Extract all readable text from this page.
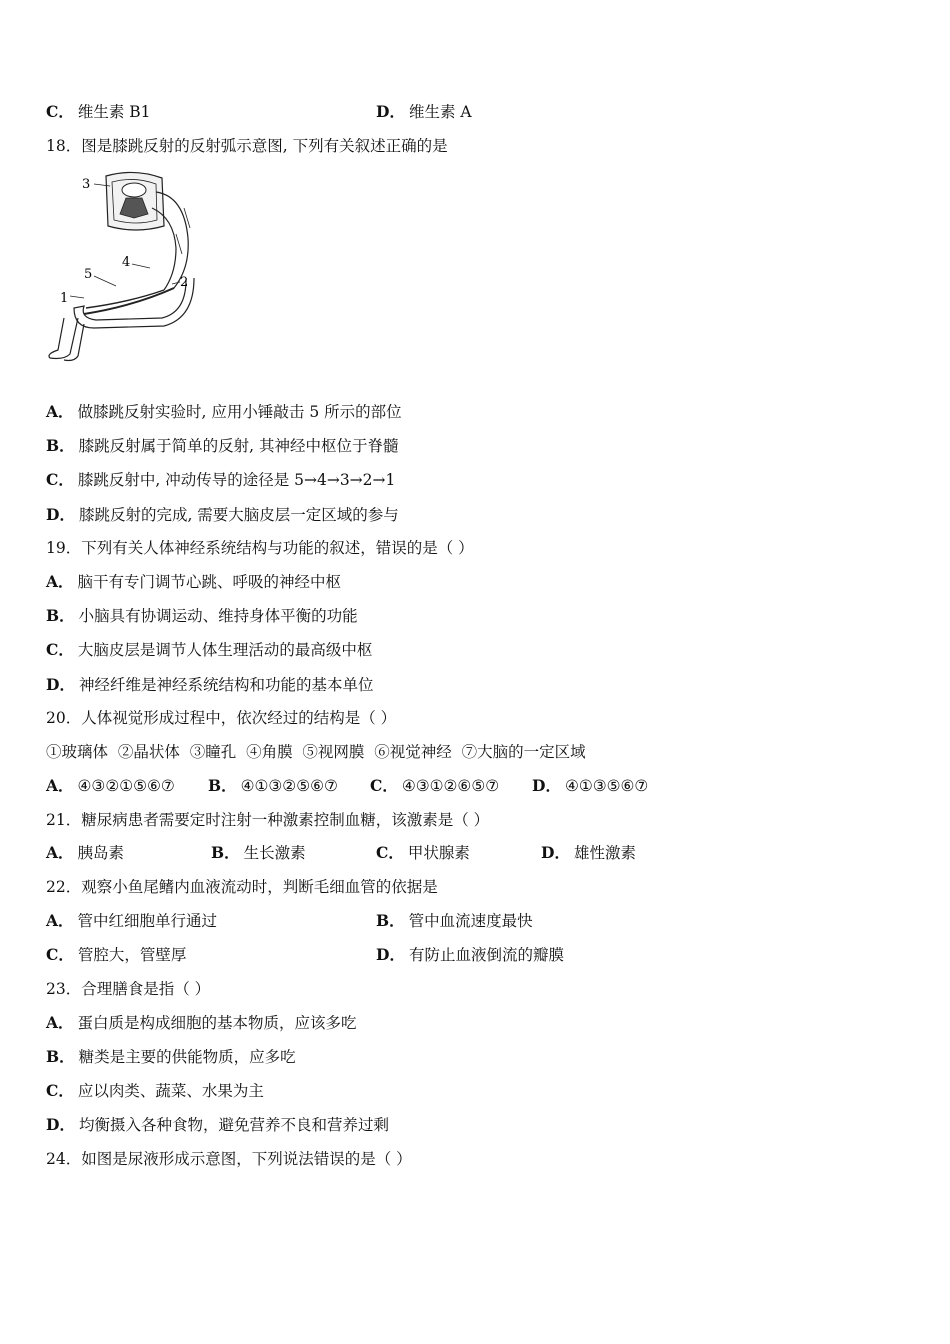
C． 维生素 B1	D． 维生素 A
18．图是膝跳反射的反射弧示意图, 下列有关叙述正确的是
3
4
5
2
1
A． 做膝跳反射实验时, 应用小锤敲击 5 所示的部位
B． 膝跳反射属于简单的反射, 其神经中枢位于脊髓
C． 膝跳反射中, 冲动传导的途径是 5→4→3→2→1
D． 膝跳反射的完成, 需要大脑皮层一定区域的参与
19．下列有关人体神经系统结构与功能的叙述，错误的是（ ）
A． 脑干有专门调节心跳、呼吸的神经中枢
B． 小脑具有协调运动、维持身体平衡的功能
C． 大脑皮层是调节人体生理活动的最高级中枢
D． 神经纤维是神经系统结构和功能的基本单位
20．人体视觉形成过程中，依次经过的结构是（ ）
①玻璃体  ②晶状体  ③瞳孔  ④角膜  ⑤视网膜  ⑥视觉神经  ⑦大脑的一定区域
A． ④③②①⑤⑥⑦ B． ④①③②⑤⑥⑦ C． ④③①②⑥⑤⑦ D． ④①③⑤⑥⑦
21．糖尿病患者需要定时注射一种激素控制血糖，该激素是（ ）
A． 胰岛素	B． 生长激素	C． 甲状腺素	D． 雄性激素
22．观察小鱼尾鳍内血液流动时，判断毛细血管的依据是
A． 管中红细胞单行通过	B． 管中血流速度最快
C． 管腔大，管壁厚	D． 有防止血液倒流的瓣膜
23．合理膳食是指（ ）
A． 蛋白质是构成细胞的基本物质，应该多吃
B． 糖类是主要的供能物质，应多吃
C． 应以肉类、蔬菜、水果为主
D． 均衡摄入各种食物，避免营养不良和营养过剩
24．如图是尿液形成示意图，下列说法错误的是（ ）
